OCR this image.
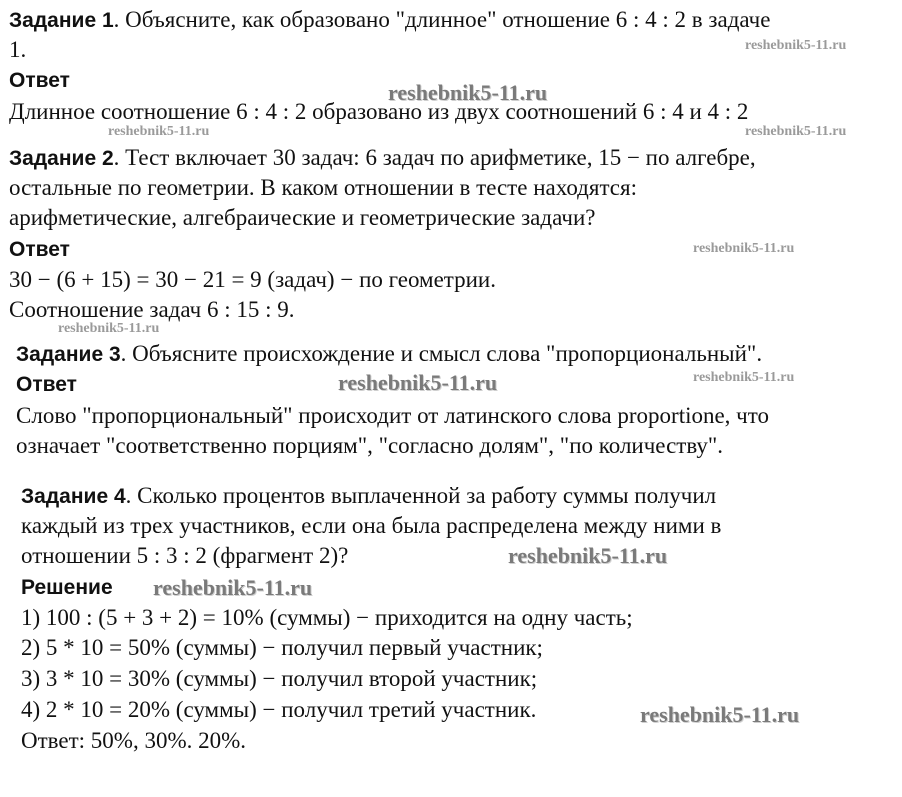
Задание 1. Объясните, как образовано "длинное" отношение 6 : 4 : 2 в задаче
1.
Ответ
Длинное соотношение 6 : 4 : 2 образовано из двух соотношений 6 : 4 и 4 : 2
Задание 2. Тест включает 30 задач: 6 задач по арифметике, 15 − по алгебре,
остальные по геометрии. В каком отношении в тесте находятся:
арифметические, алгебраические и геометрические задачи?
Ответ
30 − (6 + 15) = 30 − 21 = 9 (задач) − по геометрии.
Соотношение задач 6 : 15 : 9.
Задание 3. Объясните происхождение и смысл слова "пропорциональный".
Ответ
Слово "пропорциональный" происходит от латинского слова proportione, что
означает "соответственно порциям", "согласно долям", "по количеству".
Задание 4. Сколько процентов выплаченной за работу суммы получил
каждый из трех участников, если она была распределена между ними в
отношении 5 : 3 : 2 (фрагмент 2)?
Решение
1) 100 : (5 + 3 + 2) = 10% (суммы) − приходится на одну часть;
2) 5 * 10 = 50% (суммы) − получил первый участник;
3) 3 * 10 = 30% (суммы) − получил второй участник;
4) 2 * 10 = 20% (суммы) − получил третий участник.
Ответ: 50%, 30%. 20%.
reshebnik5-11.ru
reshebnik5-11.ru
reshebnik5-11.ru	reshebnik5-11.ru
reshebnik5-11.ru
reshebnik5-11.ru
reshebnik5-11.ru	reshebnik5-11.ru
reshebnik5-11.ru
reshebnik5-11.ru
reshebnik5-11.ru
